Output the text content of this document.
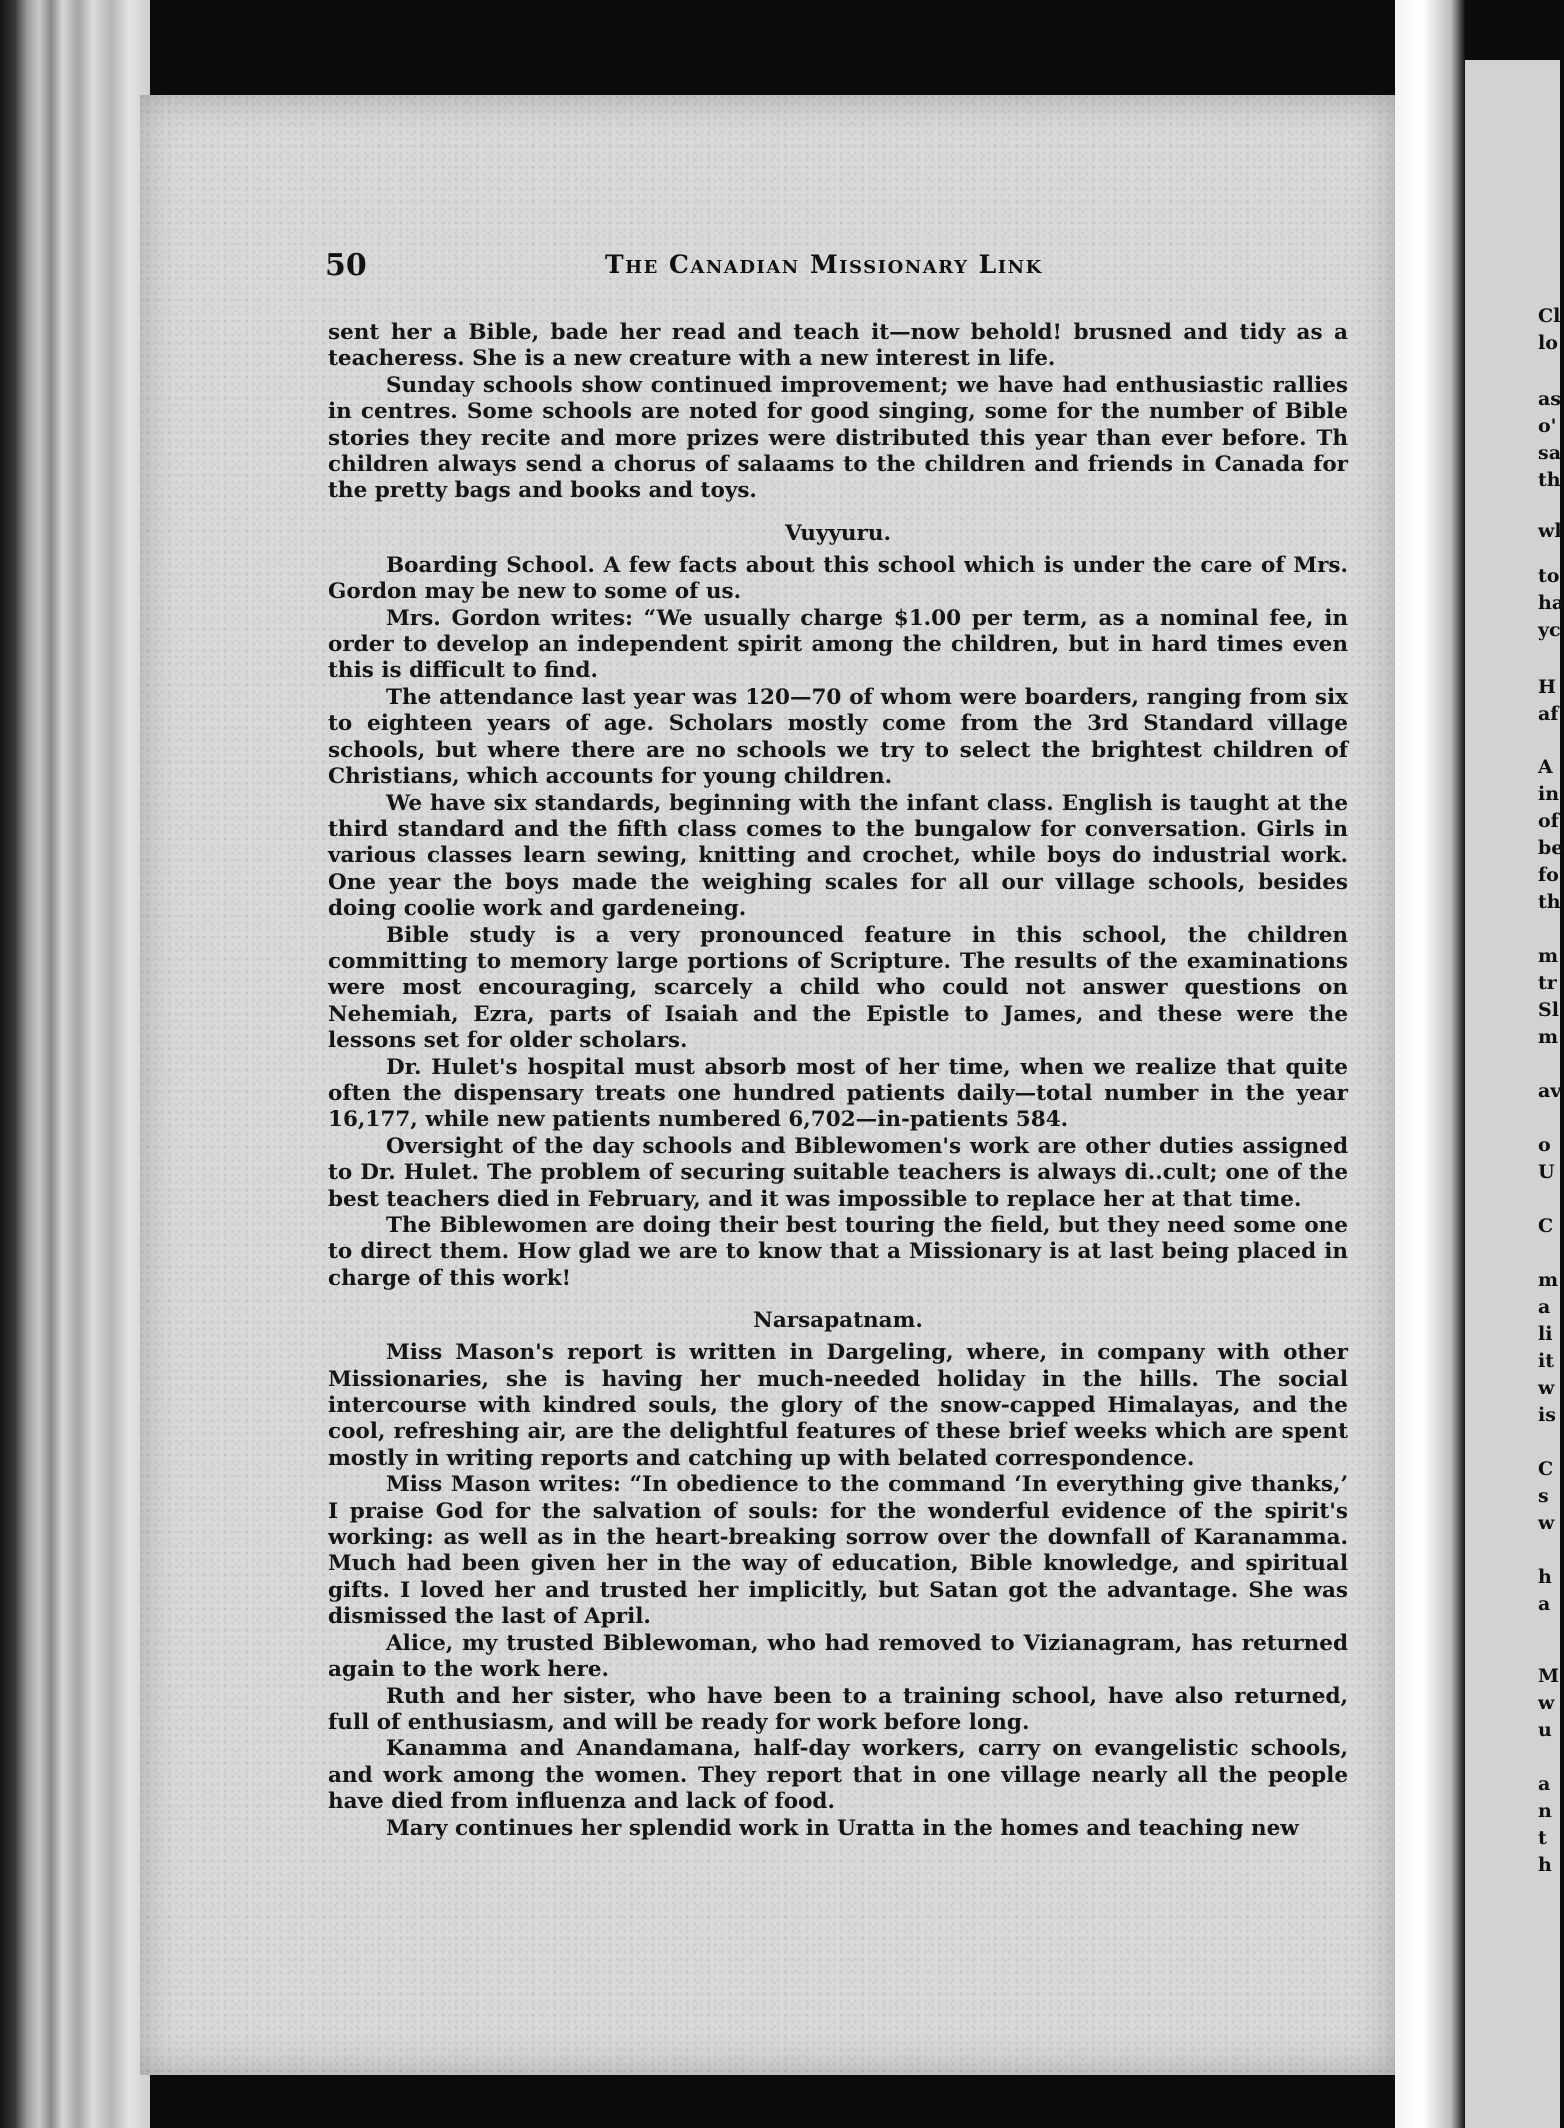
50	The Canadian Missionary Link

sent her a Bible, bade her read and teach it—now behold! brusned and tidy as a teacheress. She is a new creature with a new interest in life.

Sunday schools show continued improvement; we have had enthusiastic rallies in centres. Some schools are noted for good singing, some for the number of Bible stories they recite and more prizes were distributed this year than ever before. Th children always send a chorus of salaams to the children and friends in Canada for the pretty bags and books and toys.

Vuyyuru.

Boarding School. A few facts about this school which is under the care of Mrs. Gordon may be new to some of us.

Mrs. Gordon writes: “We usually charge $1.00 per term, as a nominal fee, in order to develop an independent spirit among the children, but in hard times even this is difficult to find.

The attendance last year was 120—70 of whom were boarders, ranging from six to eighteen years of age. Scholars mostly come from the 3rd Standard village schools, but where there are no schools we try to select the brightest children of Christians, which accounts for young children.

We have six standards, beginning with the infant class. English is taught at the third standard and the fifth class comes to the bungalow for conversation. Girls in various classes learn sewing, knitting and crochet, while boys do industrial work. One year the boys made the weighing scales for all our village schools, besides doing coolie work and gardeneing.

Bible study is a very pronounced feature in this school, the children committing to memory large portions of Scripture. The results of the examinations were most encouraging, scarcely a child who could not answer questions on Nehemiah, Ezra, parts of Isaiah and the Epistle to James, and these were the lessons set for older scholars.

Dr. Hulet's hospital must absorb most of her time, when we realize that quite often the dispensary treats one hundred patients daily—total number in the year 16,177, while new patients numbered 6,702—in-patients 584.

Oversight of the day schools and Biblewomen's work are other duties assigned to Dr. Hulet. The problem of securing suitable teachers is always di..cult; one of the best teachers died in February, and it was impossible to replace her at that time.

The Biblewomen are doing their best touring the field, but they need some one to direct them. How glad we are to know that a Missionary is at last being placed in charge of this work!

Narsapatnam.

Miss Mason's report is written in Dargeling, where, in company with other Missionaries, she is having her much-needed holiday in the hills. The social intercourse with kindred souls, the glory of the snow-capped Himalayas, and the cool, refreshing air, are the delightful features of these brief weeks which are spent mostly in writing reports and catching up with belated correspondence.

Miss Mason writes: “In obedience to the command ‘In everything give thanks,’ I praise God for the salvation of souls: for the wonderful evidence of the spirit's working: as well as in the heart-breaking sorrow over the downfall of Karanamma. Much had been given her in the way of education, Bible knowledge, and spiritual gifts. I loved her and trusted her implicitly, but Satan got the advantage. She was dismissed the last of April.

Alice, my trusted Biblewoman, who had removed to Vizianagram, has returned again to the work here.

Ruth and her sister, who have been to a training school, have also returned, full of enthusiasm, and will be ready for work before long.

Kanamma and Anandamana, half-day workers, carry on evangelistic schools, and work among the women. They report that in one village nearly all the people have died from influenza and lack of food.

Mary continues her splendid work in Uratta in the homes and teaching new

Cl
lo
as
o'
sa
th
wl
to
ha
yc
H
af
A
in
of
be
fo
th
m
tr
Sl
m
av
o
U
C
m
a
li
it
w
is
C
s
w
h
a
M
w
u
a
n
t
h
